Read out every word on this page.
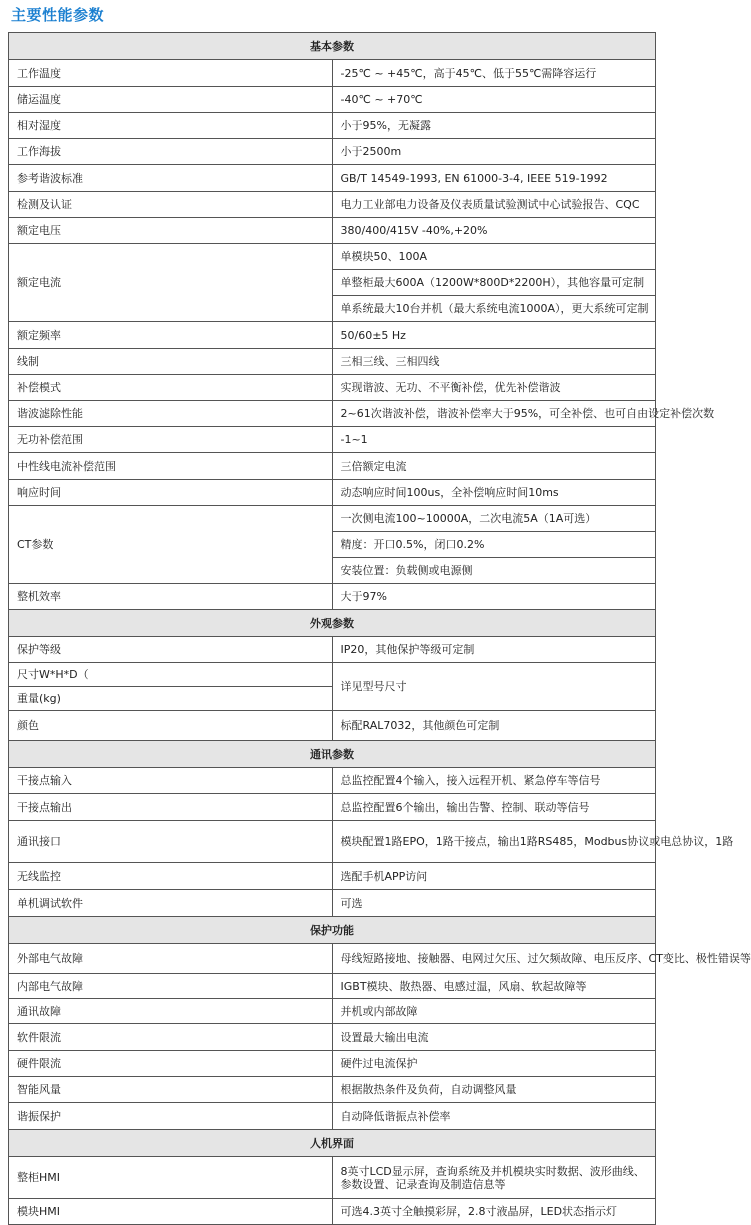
主要性能参数
基本参数	
工作温度	-25℃ ~ +45℃，高于45℃、低于55℃需降容运行
储运温度	-40℃ ~ +70℃
相对湿度	小于95%，无凝露
工作海拔	小于2500m
参考谐波标准	GB/T 14549-1993, EN 61000-3-4, IEEE 519-1992
检测及认证	电力工业部电力设备及仪表质量试验测试中心试验报告、CQC
额定电压	380/400/415V -40%,+20%
额定电流	单模块50、100A
	单整柜最大600A（1200W*800D*2200H），其他容量可定制
	单系统最大10台并机（最大系统电流1000A），更大系统可定制
额定频率	50/60±5 Hz
线制	三相三线、三相四线
补偿模式	实现谐波、无功、不平衡补偿，优先补偿谐波
谐波滤除性能	2~61次谐波补偿，谐波补偿率大于95%，可全补偿、也可自由设定补偿次数
无功补偿范围	-1~1
中性线电流补偿范围	三倍额定电流
响应时间	动态响应时间100us，全补偿响应时间10ms
CT参数	一次侧电流100~10000A，二次电流5A（1A可选）
	精度：开口0.5%，闭口0.2%
	安装位置：负载侧或电源侧
整机效率	大于97%
外观参数	
保护等级	IP20，其他保护等级可定制
尺寸W*H*D（	详见型号尺寸
重量(kg)	
颜色	标配RAL7032，其他颜色可定制
通讯参数	
干接点输入	总监控配置4个输入，接入远程开机、紧急停车等信号
干接点输出	总监控配置6个输出，输出告警、控制、联动等信号
通讯接口	模块配置1路EPO，1路干接点，输出1路RS485，Modbus协议或电总协议，1路
无线监控	选配手机APP访问
单机调试软件	可选
保护功能	
外部电气故障	母线短路接地、接触器、电网过欠压、过欠频故障、电压反序、CT变比、极性错误等
内部电气故障	IGBT模块、散热器、电感过温，风扇、软起故障等
通讯故障	并机或内部故障
软件限流	设置最大输出电流
硬件限流	硬件过电流保护
智能风量	根据散热条件及负荷，自动调整风量
谐振保护	自动降低谐振点补偿率
人机界面	
整柜HMI	8英寸LCD显示屏，查询系统及并机模块实时数据、波形曲线、参数设置、记录查询及制造信息等
模块HMI	可选4.3英寸全触摸彩屏，2.8寸液晶屏，LED状态指示灯
